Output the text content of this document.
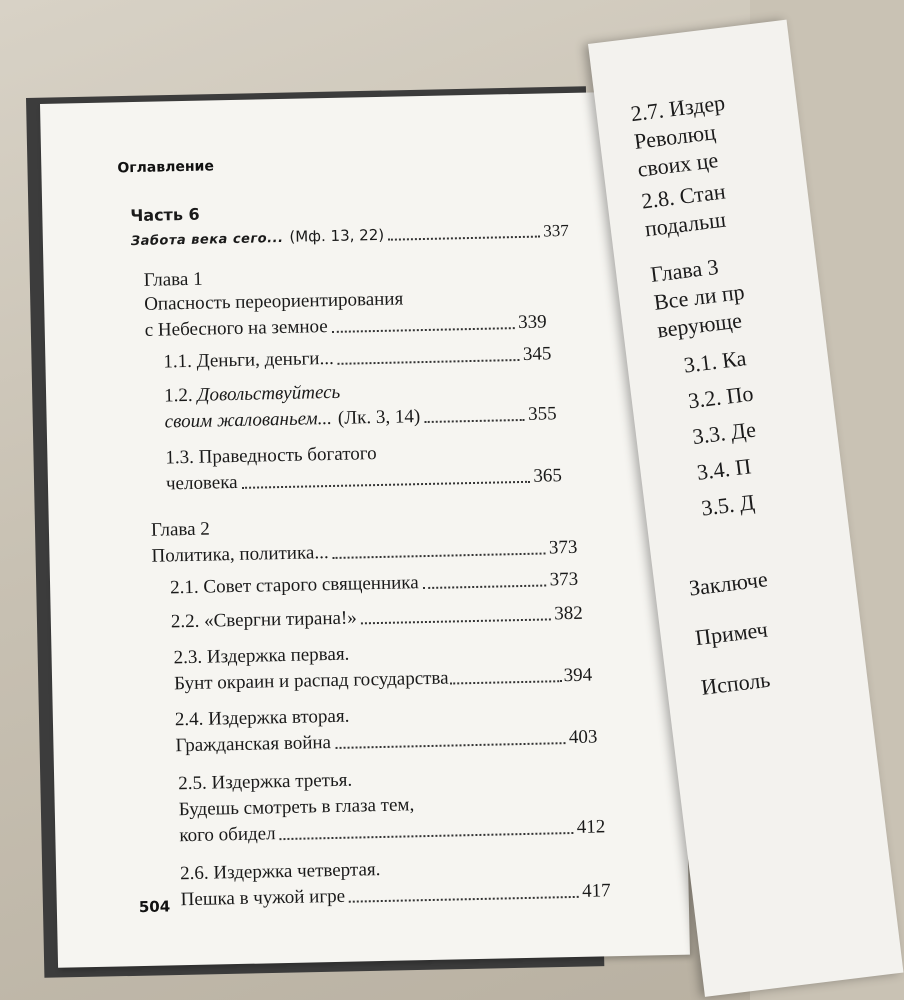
Оглавление
Часть 6
Забота века сего... (Мф. 13, 22)	337
Глава 1
Опасность переориентирования
с Небесного на земное	339
1.1. Деньги, деньги...	345
1.2. Довольствуйтесь
своим жалованьем... (Лк. 3, 14)	355
1.3. Праведность богатого
человека	365
Глава 2
Политика, политика...	373
2.1. Совет старого священника	373
2.2. «Свергни тирана!»	382
2.3. Издержка первая.
Бунт окраин и распад государства	394
2.4. Издержка вторая.
Гражданская война	403
2.5. Издержка третья.
Будешь смотреть в глаза тем,
кого обидел	412
2.6. Издержка четвертая.
Пешка в чужой игре	417
504
2.7. Издер
Революц
своих це
2.8. Стан
подальш
Глава 3
Все ли пр
верующе
3.1. Ка
3.2. По
3.3. Де
3.4. П
3.5. Д
Заключе
Примеч
Исполь
